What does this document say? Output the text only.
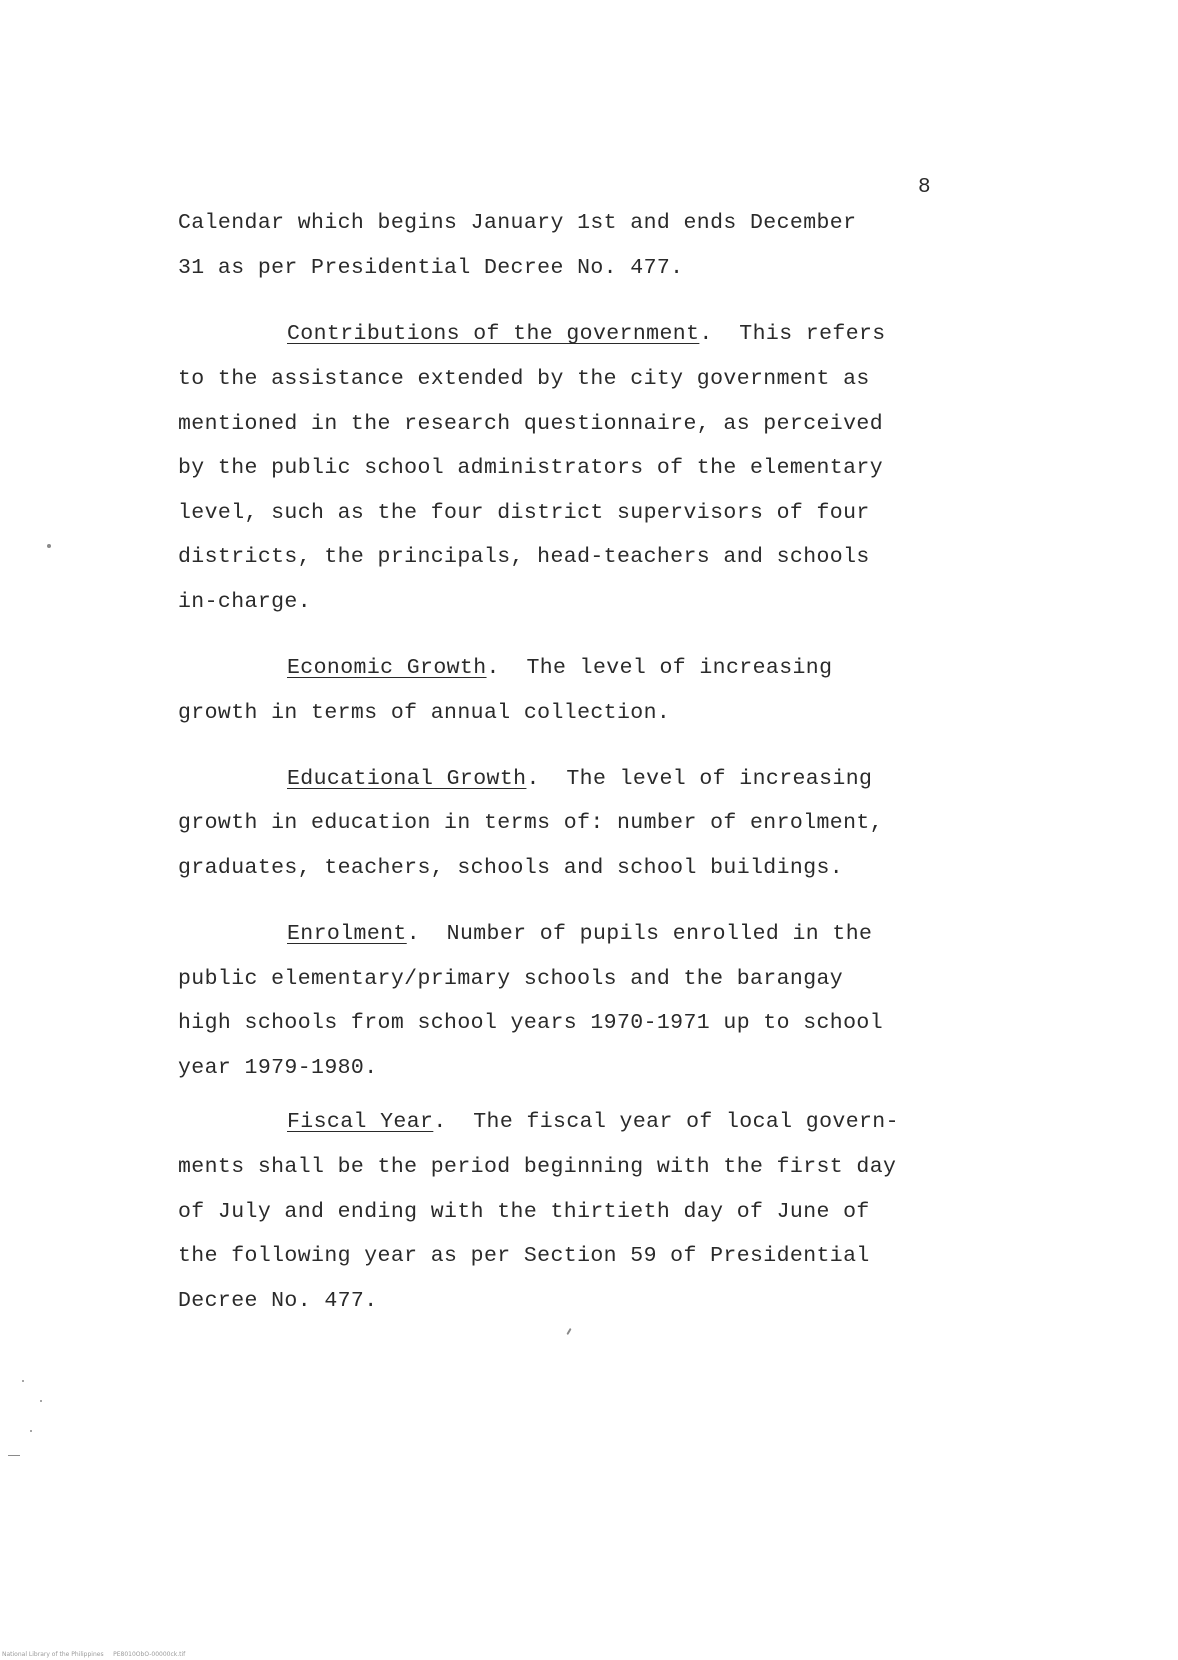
8
Calendar which begins January 1st and ends December
31 as per Presidential Decree No. 477.
Contributions of the government.  This refers
to the assistance extended by the city government as
mentioned in the research questionnaire, as perceived
by the public school administrators of the elementary
level, such as the four district supervisors of four
districts, the principals, head-teachers and schools
in-charge.
Economic Growth.  The level of increasing
growth in terms of annual collection.
Educational Growth.  The level of increasing
growth in education in terms of: number of enrolment,
graduates, teachers, schools and school buildings.
Enrolment.  Number of pupils enrolled in the
public elementary/primary schools and the barangay
high schools from school years 1970-1971 up to school
year 1979-1980.
Fiscal Year.  The fiscal year of local govern-
ments shall be the period beginning with the first day
of July and ending with the thirtieth day of June of
the following year as per Section 59 of Presidential
Decree No. 477.
National Library of the Philippines PE8010ObO-00000ck.tif
